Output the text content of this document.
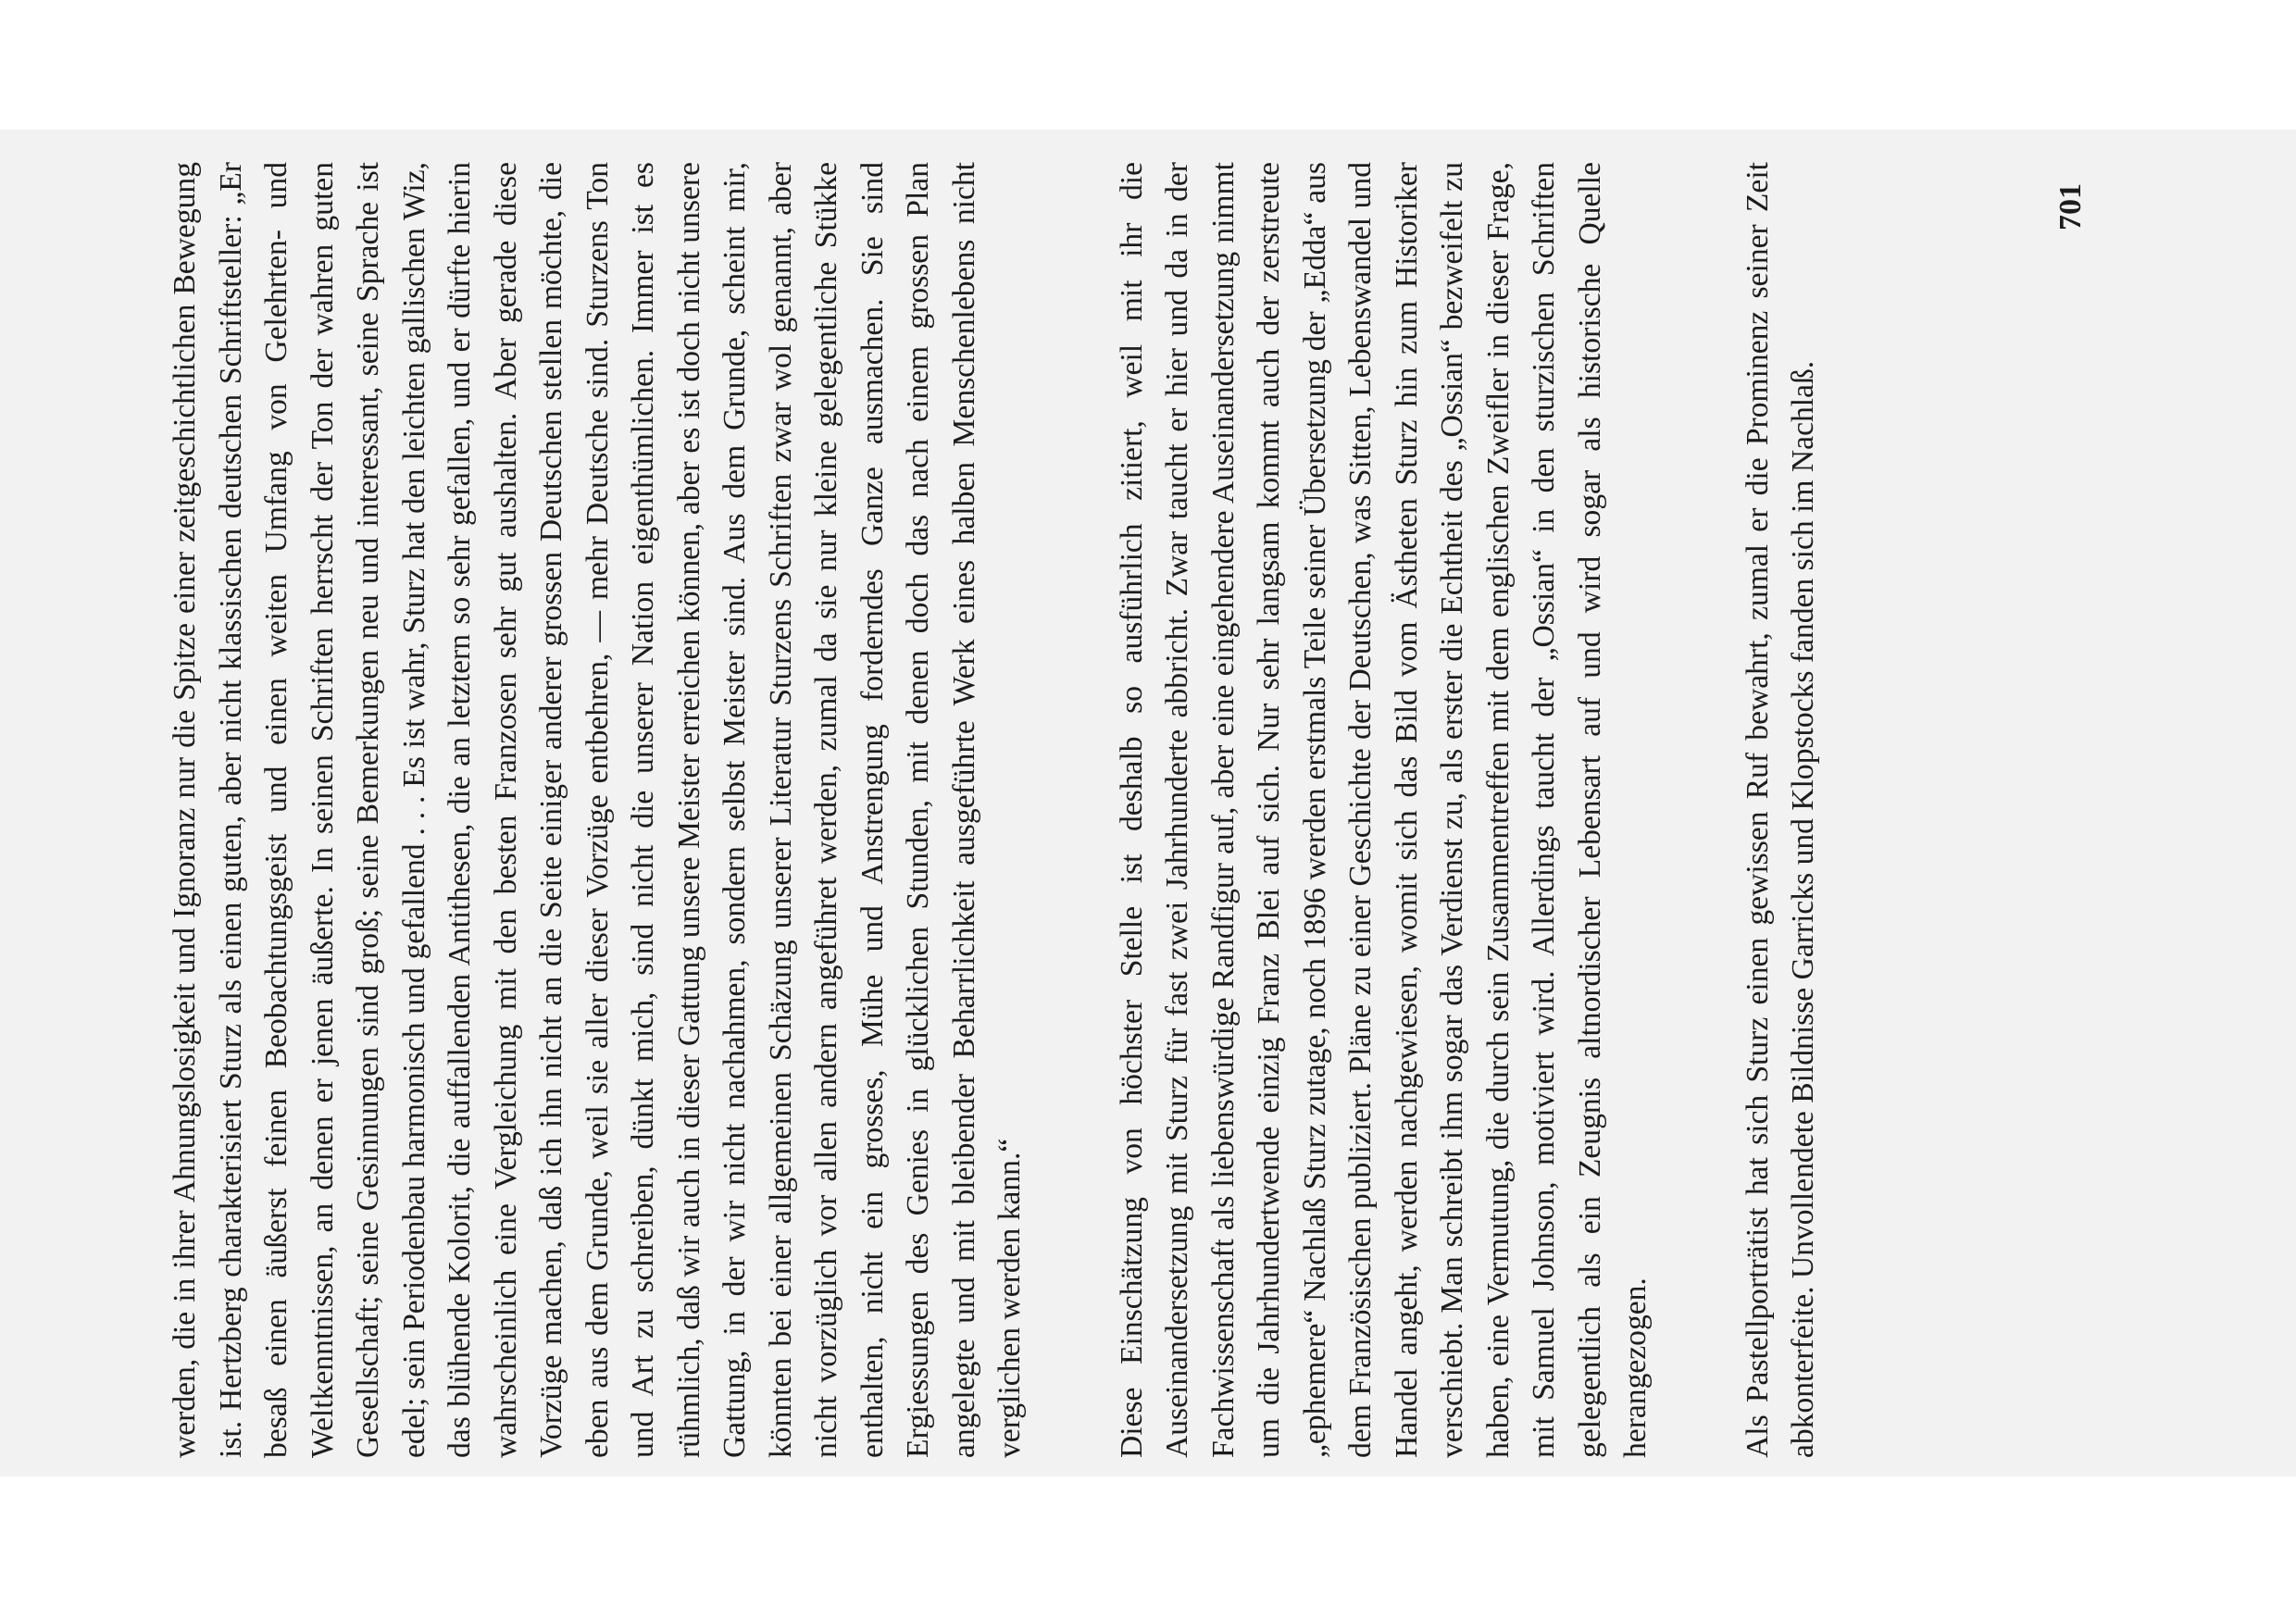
werden, die in ihrer Ahnungslosigkeit und Ignoranz nur die Spitze einer zeitgeschichtlichen Bewegung ist. Hertzberg charakterisiert Sturz als einen guten, aber nicht klassischen deutschen Schriftsteller: „Er besaß einen äußerst feinen Beobachtungsgeist und einen weiten Umfang von Gelehrten- und Weltkenntnissen, an denen er jenen äußerte. In seinen Schriften herrscht der Ton der wahren guten Gesellschaft; seine Gesinnungen sind groß; seine Bemerkungen neu und interessant, seine Sprache ist edel; sein Periodenbau harmonisch und gefallend . . . Es ist wahr, Sturz hat den leichten gallischen Wiz, das blühende Kolorit, die auffallenden Antithesen, die an letztern so sehr gefallen, und er dürfte hierin wahrscheinlich eine Vergleichung mit den besten Franzosen sehr gut aushalten. Aber gerade diese Vorzüge machen, daß ich ihn nicht an die Seite einiger anderer grossen Deutschen stellen möchte, die eben aus dem Grunde, weil sie aller dieser Vorzüge entbehren, — mehr Deutsche sind. Sturzens Ton und Art zu schreiben, dünkt mich, sind nicht die unserer Nation eigenthümlichen. Immer ist es rühmlich, daß wir auch in dieser Gattung unsere Meister erreichen können, aber es ist doch nicht unsere Gattung, in der wir nicht nachahmen, sondern selbst Meister sind. Aus dem Grunde, scheint mir, könnten bei einer allgemeinen Schäzung unserer Literatur Sturzens Schriften zwar wol genannt, aber nicht vorzüglich vor allen andern angeführet werden, zumal da sie nur kleine gelegentliche Stükke enthalten, nicht ein grosses, Mühe und Anstrengung forderndes Ganze ausmachen. Sie sind Ergiessungen des Genies in glücklichen Stunden, mit denen doch das nach einem grossen Plan angelegte und mit bleibender Beharrlichkeit ausgeführte Werk eines halben Menschenlebens nicht verglichen werden kann.“	Diese Einschätzung von höchster Stelle ist deshalb so ausführlich zitiert, weil mit ihr die Auseinandersetzung mit Sturz für fast zwei Jahrhunderte abbricht. Zwar taucht er hier und da in der Fachwissenschaft als liebenswürdige Randfigur auf, aber eine eingehendere Auseinandersetzung nimmt um die Jahrhundertwende einzig Franz Blei auf sich. Nur sehr langsam kommt auch der zerstreute „ephemere“ Nachlaß Sturz zutage, noch 1896 werden erstmals Teile seiner Übersetzung der „Edda“ aus dem Französischen publiziert. Pläne zu einer Geschichte der Deutschen, was Sitten, Lebenswandel und Handel angeht, werden nachgewiesen, womit sich das Bild vom Ästheten Sturz hin zum Historiker verschiebt. Man schreibt ihm sogar das Verdienst zu, als erster die Echtheit des „Ossian“ bezweifelt zu haben, eine Vermutung, die durch sein Zusammentreffen mit dem englischen Zweifler in dieser Frage, mit Samuel Johnson, motiviert wird. Allerdings taucht der „Ossian“ in den sturzischen Schriften gelegentlich als ein Zeugnis altnordischer Lebensart auf und wird sogar als historische Quelle herangezogen.	Als Pastellporträtist hat sich Sturz einen gewissen Ruf bewahrt, zumal er die Prominenz seiner Zeit abkonterfeite. Unvollendete Bildnisse Garricks und Klopstocks fanden sich im Nachlaß.

701
